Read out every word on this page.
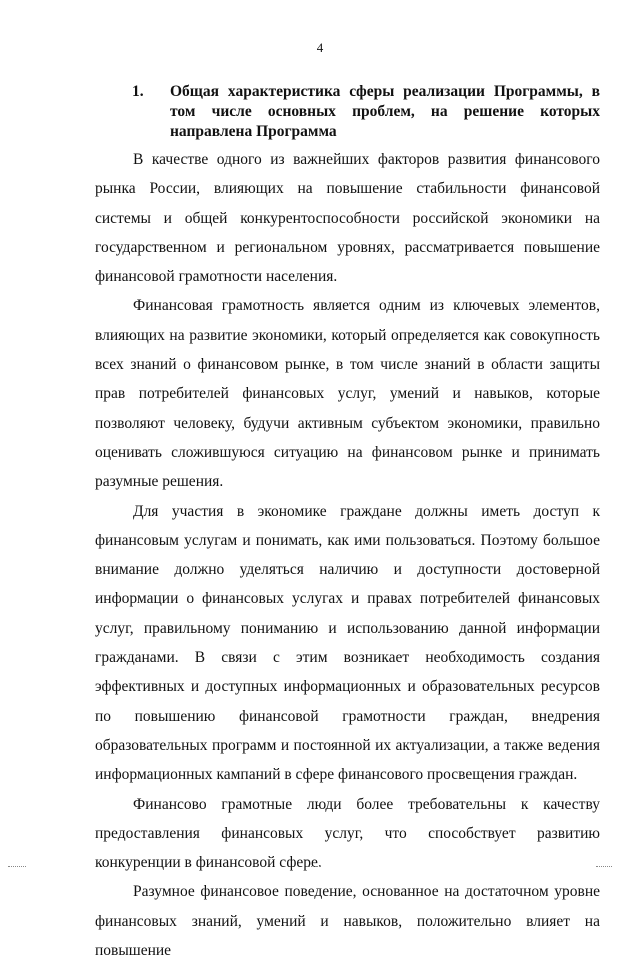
4
1. Общая характеристика сферы реализации Программы, в том числе основных проблем, на решение которых направлена Программа

В качестве одного из важнейших факторов развития финансового рынка России, влияющих на повышение стабильности финансовой системы и общей конкурентоспособности российской экономики на государственном и региональном уровнях, рассматривается повышение финансовой грамотности населения.

Финансовая грамотность является одним из ключевых элементов, влияющих на развитие экономики, который определяется как совокупность всех знаний о финансовом рынке, в том числе знаний в области защиты прав потребителей финансовых услуг, умений и навыков, которые позволяют человеку, будучи активным субъектом экономики, правильно оценивать сложившуюся ситуацию на финансовом рынке и принимать разумные решения.

Для участия в экономике граждане должны иметь доступ к финансовым услугам и понимать, как ими пользоваться. Поэтому большое внимание должно уделяться наличию и доступности достоверной информации о финансовых услугах и правах потребителей финансовых услуг, правильному пониманию и использованию данной информации гражданами. В связи с этим возникает необходимость создания эффективных и доступных информационных и образовательных ресурсов по повышению финансовой грамотности граждан, внедрения образовательных программ и постоянной их актуализации, а также ведения информационных кампаний в сфере финансового просвещения граждан.

Финансово грамотные люди более требовательны к качеству предоставления финансовых услуг, что способствует развитию конкуренции в финансовой сфере.

Разумное финансовое поведение, основанное на достаточном уровне финансовых знаний, умений и навыков, положительно влияет на повышение
